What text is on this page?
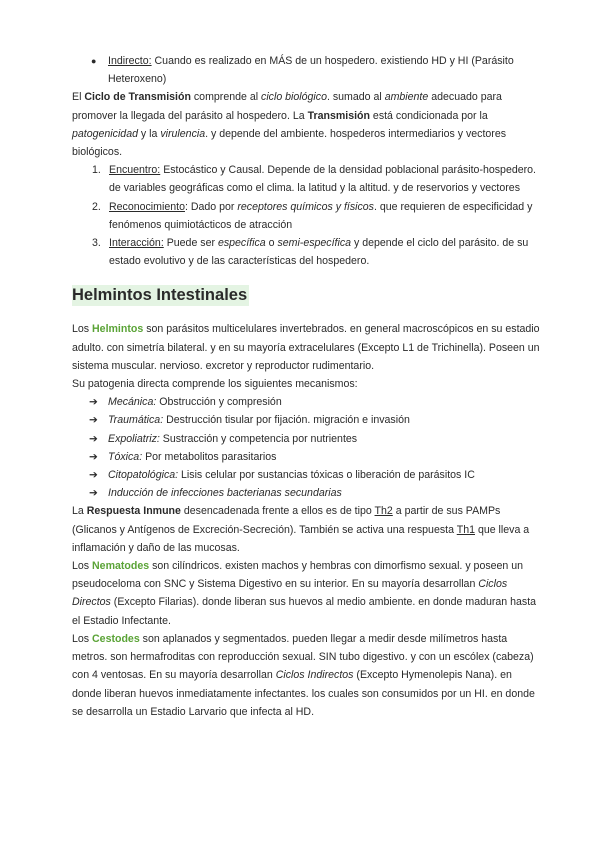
● Indirecto: Cuando es realizado en MÁS de un hospedero. existiendo HD y HI (Parásito
Heteroxeno)

El Ciclo de Transmisión comprende al ciclo biológico. sumado al ambiente adecuado para promover la llegada del parásito al hospedero. La Transmisión está condicionada por la patogenicidad y la virulencia. y depende del ambiente. hospederos intermediarios y vectores biológicos.

1. Encuentro: Estocástico y Causal. Depende de la densidad poblacional parásito-hospedero. de variables geográficas como el clima. la latitud y la altitud. y de reservorios y vectores
2. Reconocimiento: Dado por receptores químicos y físicos. que requieren de especificidad y fenómenos quimiotácticos de atracción
3. Interacción: Puede ser específica o semi-específica y depende el ciclo del parásito. de su estado evolutivo y de las características del hospedero.
Helmintos Intestinales

Los Helmintos son parásitos multicelulares invertebrados. en general macroscópicos en su estadio adulto. con simetría bilateral. y en su mayoría extracelulares (Excepto L1 de Trichinella). Poseen un sistema muscular. nervioso. excretor y reproductor rudimentario.

Su patogenia directa comprende los siguientes mecanismos:

➔ Mecánica: Obstrucción y compresión
➔ Traumática: Destrucción tisular por fijación. migración e invasión
➔ Expoliatriz: Sustracción y competencia por nutrientes
➔ Tóxica: Por metabolitos parasitarios
➔ Citopatológica: Lisis celular por sustancias tóxicas o liberación de parásitos IC
➔ Inducción de infecciones bacterianas secundarias

La Respuesta Inmune desencadenada frente a ellos es de tipo Th2 a partir de sus PAMPs (Glicanos y Antígenos de Excreción-Secreción). También se activa una respuesta Th1 que lleva a inflamación y daño de las mucosas.

Los Nematodes son cilíndricos. existen machos y hembras con dimorfismo sexual. y poseen un pseudoceloma con SNC y Sistema Digestivo en su interior. En su mayoría desarrollan Ciclos Directos (Excepto Filarias). donde liberan sus huevos al medio ambiente. en donde maduran hasta el Estadio Infectante.

Los Cestodes son aplanados y segmentados. pueden llegar a medir desde milímetros hasta metros. son hermafroditas con reproducción sexual. SIN tubo digestivo. y con un escólex (cabeza) con 4 ventosas. En su mayoría desarrollan Ciclos Indirectos (Excepto Hymenolepis Nana). en donde liberan huevos inmediatamente infectantes. los cuales son consumidos por un HI. en donde se desarrolla un Estadio Larvario que infecta al HD.
